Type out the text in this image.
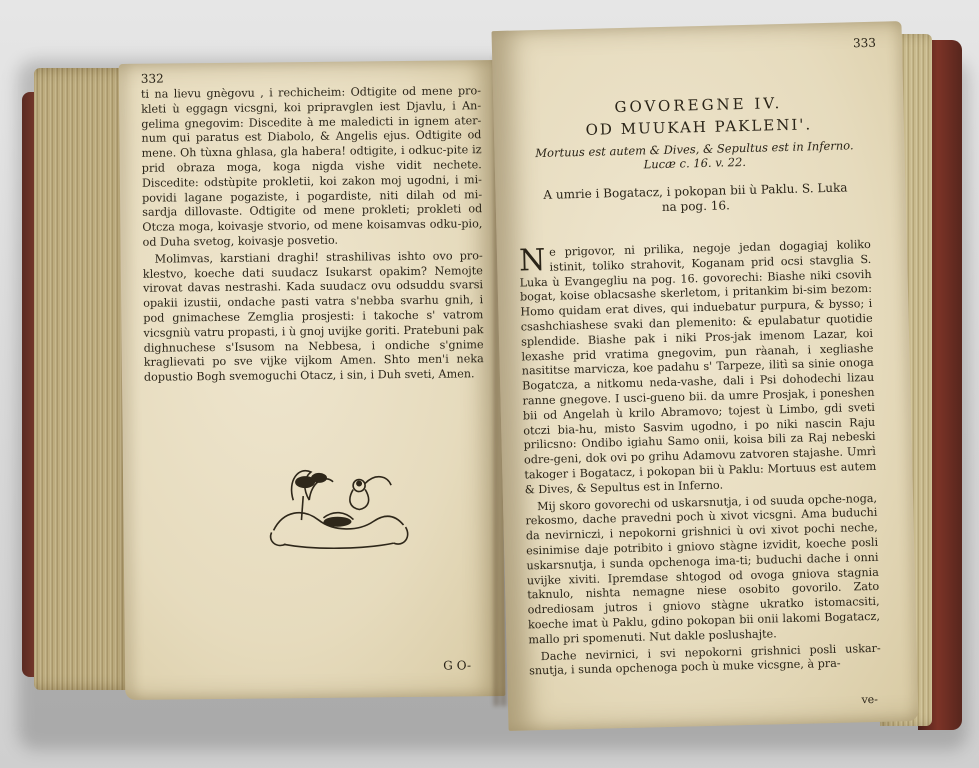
332

ti na lievu gnègovu , i rechicheim: Odtigite od mene pro-kleti ù eggagn vicsgni, koi pripravglen iest Djavlu, i An-gelima gnegovim: Discedite à me maledicti in ignem ater-num qui paratus est Diabolo, & Angelis ejus. Odtigite od mene. Oh tùxna ghlasa, gla habera! odtigite, i odkuc-pite iz prid obraza moga, koga nigda vishe vidit nechete. Discedite: odstùpite prokletii, koi zakon moj ugodni, i mi-povidi lagane pogaziste, i pogardiste, niti dilah od mi-sardja dillovaste. Odtigite od mene prokleti; prokleti od Otcza moga, koivasje stvorio, od mene koisamvas odku-pio, od Duha svetog, koivasje posvetio.

Molimvas, karstiani draghi! strashilivas ishto ovo pro-klestvo, koeche dati suudacz Isukarst opakim? Nemojte virovat davas nestrashi. Kada suudacz ovu odsuddu svarsi opakii izustii, ondache pasti vatra s'nebba svarhu gnih, i pod gnimachese Zemglia prosjesti: i takoche s' vatrom vicsgniù vatru propasti, i ù gnoj uvijke goriti. Pratebuni pak dighnuchese s'Isusom na Nebbesa, i ondiche s'gnime kraglievati po sve vijke vijkom Amen. Shto men'i neka dopustio Bogh svemoguchi Otacz, i sin, i Duh sveti, Amen.

G O-
333
GOVOREGNE IV.
OD MUUKAH PAKLENI'.
Mortuus est autem & Dives, & Sepultus est in Inferno. Lucæ c. 16. v. 22.
A umrie i Bogatacz, i pokopan bii ù Paklu. S. Luka na pog. 16.

Ne prigovor, ni prilika, negoje jedan dogagiaj koliko istinit, toliko strahovit, Koganam prid ocsi stavglia S. Luka ù Evangegliu na pog. 16. govorechi: Biashe niki csovih bogat, koise oblacsashe skerletom, i pritankim bi-sim bezom: Homo quidam erat dives, qui induebatur purpura, & bysso; i csashchiashese svaki dan plemenito: & epulabatur quotidie splendide. Biashe pak i niki Pros-jak imenom Lazar, koi lexashe prid vratima gnegovim, pun ràanah, i xegliashe nasititse marvicza, koe padahu s' Tarpeze, ilitì sa sinie onoga Bogatcza, a nitkomu neda-vashe, dali i Psi dohodechi lizau ranne gnegove. I usci-gueno bii. da umre Prosjak, i poneshen bii od Angelah ù krilo Abramovo; tojest ù Limbo, gdi sveti otczi bia-hu, misto Sasvim ugodno, i po niki nascin Raju prilicsno: Ondibo igiahu Samo onii, koisa bili za Raj nebeski odre-geni, dok ovi po grihu Adamovu zatvoren stajashe. Umrì takoger i Bogatacz, i pokopan bii ù Paklu: Mortuus est autem & Dives, & Sepultus est in Inferno.

Mij skoro govorechi od uskarsnutja, i od suuda opche-noga, rekosmo, dache pravedni poch ù xivot vicsgni. Ama buduchi da nevirniczi, i nepokorni grishnici ù ovi xivot pochi neche, esinimise daje potribito i gniovo stàgne izvidit, koeche posli uskarsnutja, i sunda opchenoga ima-ti; buduchi dache i onni uvijke xiviti. Ipremdase shtogod od ovoga gniova stagnia taknulo, nishta nemagne niese osobito govorilo. Zato odrediosam jutros i gniovo stàgne ukratko istomacsiti, koeche imat ù Paklu, gdino pokopan bii onii lakomi Bogatacz, mallo pri spomenuti. Nut dakle poslushajte.

Dache nevirnici, i svi nepokorni grishnici posli uskar-snutja, i sunda opchenoga poch ù muke vicsgne, à pra-

ve-
